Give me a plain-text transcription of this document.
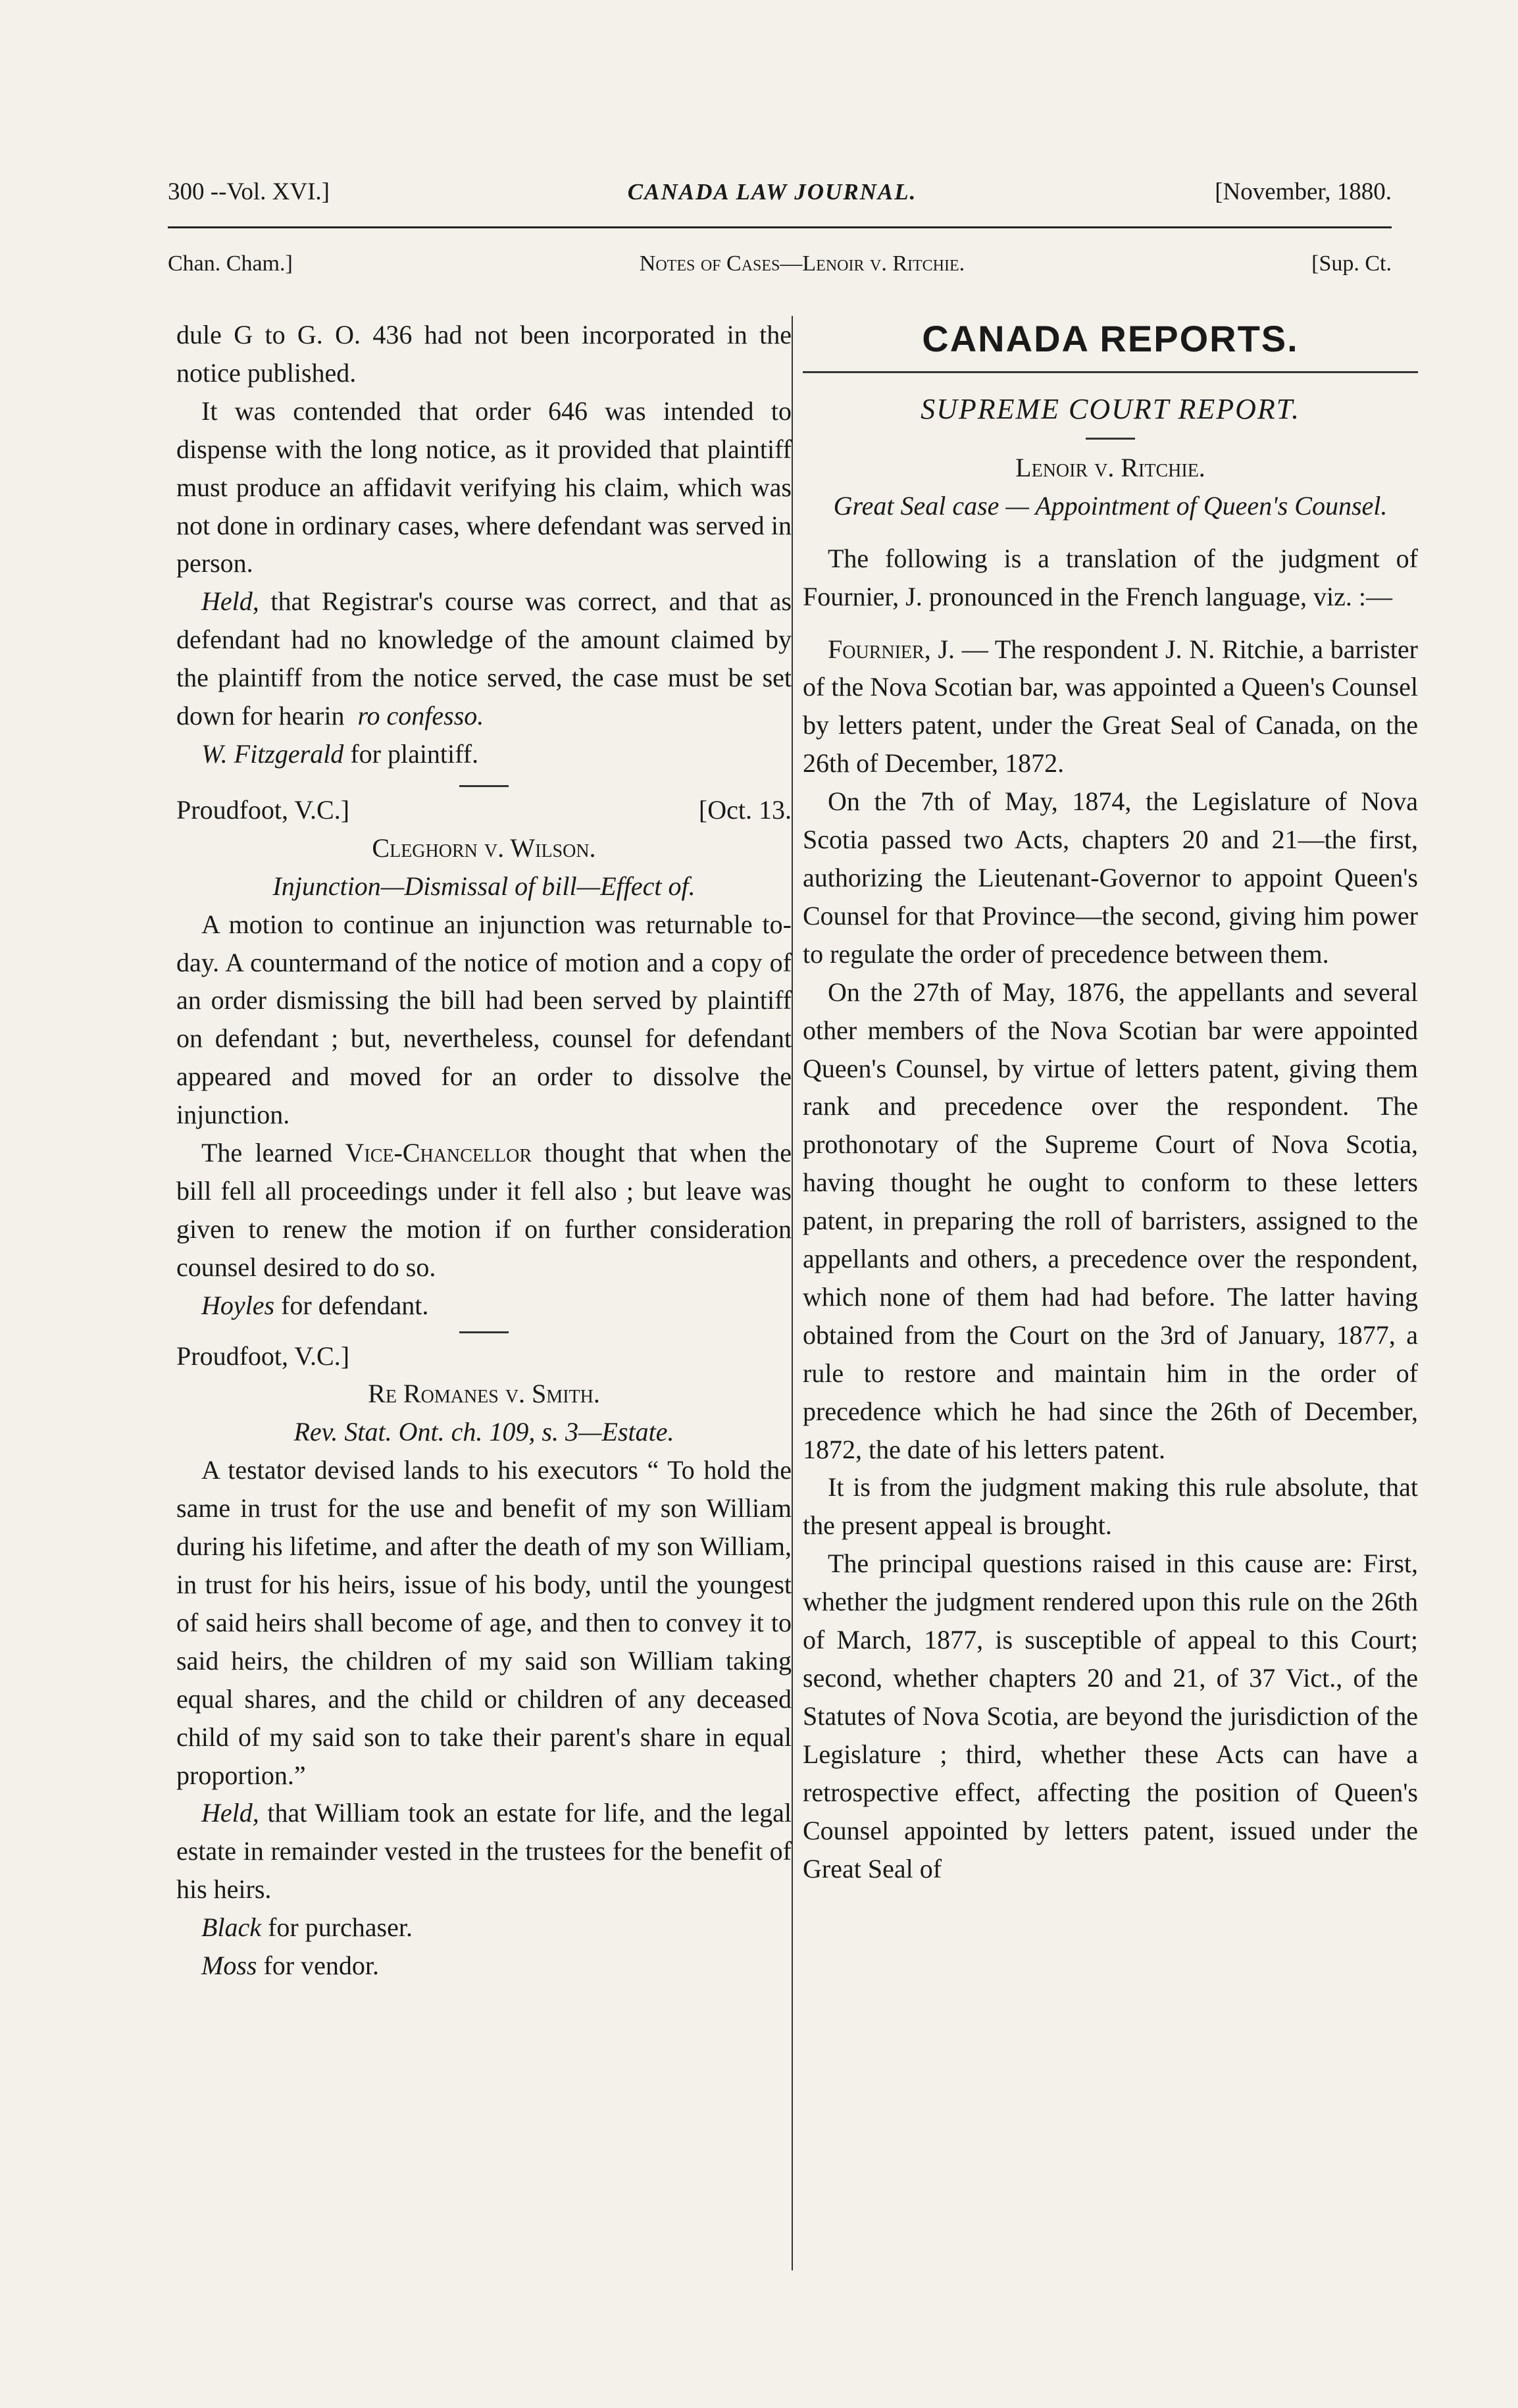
300 --Vol. XVI.]	CANADA LAW JOURNAL.	[November, 1880.
Chan. Cham.]	Notes of Cases—Lenoir v. Ritchie.	[Sup. Ct.

dule G to G. O. 436 had not been incorporated in the notice published.

It was contended that order 646 was intended to dispense with the long notice, as it provided that plaintiff must produce an affidavit verifying his claim, which was not done in ordinary cases, where defendant was served in person.

Held, that Registrar's course was correct, and that as defendant had no knowledge of the amount claimed by the plaintiff from the notice served, the case must be set down for hearin ro confesso.

W. Fitzgerald for plaintiff.

Proudfoot, V.C.]	[Oct. 13.

Cleghorn v. Wilson.

Injunction—Dismissal of bill—Effect of.

A motion to continue an injunction was returnable to-day. A countermand of the notice of motion and a copy of an order dismissing the bill had been served by plaintiff on defendant ; but, nevertheless, counsel for defendant appeared and moved for an order to dissolve the injunction.

The learned Vice-Chancellor thought that when the bill fell all proceedings under it fell also ; but leave was given to renew the motion if on further consideration counsel desired to do so.

Hoyles for defendant.

Proudfoot, V.C.]

Re Romanes v. Smith.

Rev. Stat. Ont. ch. 109, s. 3—Estate.

A testator devised lands to his executors “ To hold the same in trust for the use and benefit of my son William during his lifetime, and after the death of my son William, in trust for his heirs, issue of his body, until the youngest of said heirs shall become of age, and then to convey it to said heirs, the children of my said son William taking equal shares, and the child or children of any deceased child of my said son to take their parent's share in equal proportion.”

Held, that William took an estate for life, and the legal estate in remainder vested in the trustees for the benefit of his heirs.

Black for purchaser.

Moss for vendor.

CANADA REPORTS.

SUPREME COURT REPORT.

Lenoir v. Ritchie.

Great Seal case — Appointment of Queen's Counsel.

The following is a translation of the judgment of Fournier, J. pronounced in the French language, viz. :—

Fournier, J. — The respondent J. N. Ritchie, a barrister of the Nova Scotian bar, was appointed a Queen's Counsel by letters patent, under the Great Seal of Canada, on the 26th of December, 1872.

On the 7th of May, 1874, the Legislature of Nova Scotia passed two Acts, chapters 20 and 21—the first, authorizing the Lieutenant-Governor to appoint Queen's Counsel for that Province—the second, giving him power to regulate the order of precedence between them.

On the 27th of May, 1876, the appellants and several other members of the Nova Scotian bar were appointed Queen's Counsel, by virtue of letters patent, giving them rank and precedence over the respondent. The prothonotary of the Supreme Court of Nova Scotia, having thought he ought to conform to these letters patent, in preparing the roll of barristers, assigned to the appellants and others, a precedence over the respondent, which none of them had had before. The latter having obtained from the Court on the 3rd of January, 1877, a rule to restore and maintain him in the order of precedence which he had since the 26th of December, 1872, the date of his letters patent.

It is from the judgment making this rule absolute, that the present appeal is brought.

The principal questions raised in this cause are: First, whether the judgment rendered upon this rule on the 26th of March, 1877, is susceptible of appeal to this Court; second, whether chapters 20 and 21, of 37 Vict., of the Statutes of Nova Scotia, are beyond the jurisdiction of the Legislature ; third, whether these Acts can have a retrospective effect, affecting the position of Queen's Counsel appointed by letters patent, issued under the Great Seal of
